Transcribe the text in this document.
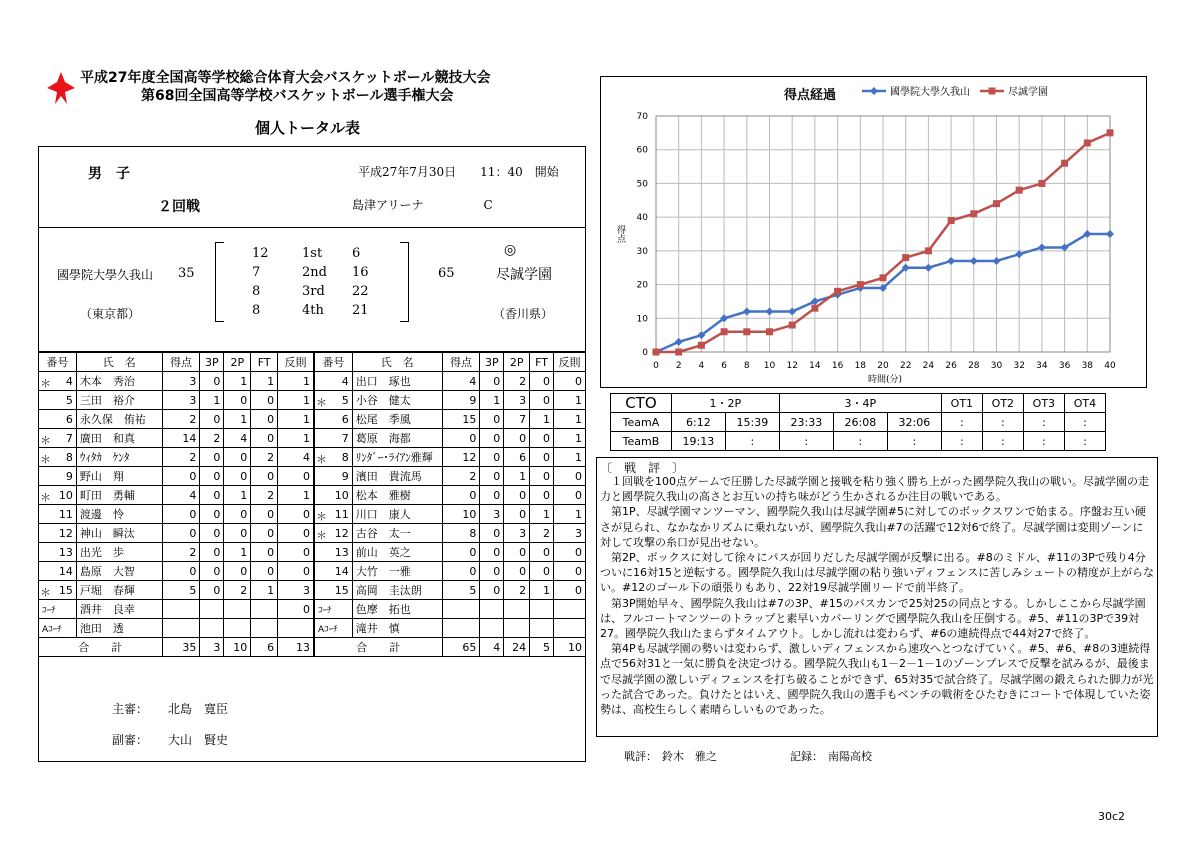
平成27年度全国高等学校総合体育大会バスケットボール競技大会
第68回全国高等学校バスケットボール選手権大会
個人トータル表
男　子	平成27年7月30日　　11：40　開始
２回戦	島津アリーナ　　　　　C
國學院大學久我山 35
（東京都）
65
◎
尽誠学園
（香川県）
12	1st 6
7	2nd 16
8	3rd 22
8	4th 21
番号	氏　名	得点	3P	2P	FT	反則

＊ 4	木本　秀治	3	0	1	1	1

5	三田　裕介	3	1	0	0	1

6	永久保　侑祐	2	0	1	0	1

＊ 7	廣田　和真	14	2	4	0	1

＊ 8	ｳｨﾀｶ　ｹﾝﾀ	2	0	0	2	4

9	野山　翔	0	0	0	0	0

＊ 10	町田　勇輔	4	0	1	2	1

11	渡邊　怜	0	0	0	0	0

12	神山　瞬汰	0	0	0	0	0

13	出光　歩	2	0	1	0	0

14	島原　大智	0	0	0	0	0

＊ 15	戸堀　春輝	5	0	2	1	3
ｺｰﾁ	酒井　良幸					0
Aｺｰﾁ	池田　透					
合　　計		35	3	10	6	13
番号	氏　名	得点	3P	2P	FT	反則

4	出口　琢也	4	0	2	0	0

＊ 5	小谷　健太	9	1	3	0	1

6	松尾　季風	15	0	7	1	1

7	葛原　海都	0	0	0	0	1

＊ 8	ﾘﾝﾀﾞｰ･ﾗｲｱﾝ雅輝	12	0	6	0	1

9	濱田　貴流馬	2	0	1	0	0

10	松本　雅樹	0	0	0	0	0

＊ 11	川口　康人	10	3	0	1	1

＊ 12	古谷　太一	8	0	3	2	3

13	前山　英之	0	0	0	0	0

14	大竹　一雅	0	0	0	0	0

15	高岡　圭汰朗	5	0	2	1	0
ｺｰﾁ	色摩　拓也					
Aｺｰﾁ	滝井　慎					
合　　計		65	4	24	5	10
主審： 北島　寛臣
副審： 大山　賢史
0
10
20
30
40
50
60
70
0 2 4 6 8 10 12 14 16 18 20 22 24 26 28 30 32 34 36 38 40
得点経過
時間(分)
得点
國學院大學久我山	尽誠学園
CTO	1・2P		3・4P			OT1	OT2	OT3	OT4
TeamA	6:12	15:39	23:33	26:08	32:06	:	:	:	:
TeamB	19:13	:	:	:	:	:	:	:	:
〔　戦　評　〕
　１回戦を100点ゲームで圧勝した尽誠学園と接戦を粘り強く勝ち上がった國學院久我山の戦い。尽誠学園の走力と國學院久我山の高さとお互いの持ち味がどう生かされるか注目の戦いである。
　第1P、尽誠学園マンツーマン、國學院久我山は尽誠学園#5に対してのボックスワンで始まる。序盤お互い硬さが見られ、なかなかリズムに乗れないが、國學院久我山#7の活躍で12対6で終了。尽誠学園は変則ゾーンに対して攻撃の糸口が見出せない。
　第2P、ボックスに対して徐々にパスが回りだした尽誠学園が反撃に出る。#8のミドル、#11の3Pで残り4分ついに16対15と逆転する。國學院久我山は尽誠学園の粘り強いディフェンスに苦しみシュートの精度が上がらない。#12のゴール下の頑張りもあり、22対19尽誠学園リードで前半終了。
　第3P開始早々、國學院久我山は#7の3P、#15のバスカンで25対25の同点とする。しかしここから尽誠学園は、フルコートマンツーのトラップと素早いカバーリングで國學院久我山を圧倒する。#5、#11の3Pで39対27。國學院久我山たまらずタイムアウト。しかし流れは変わらず、#6の連続得点で44対27で終了。
　第4Pも尽誠学園の勢いは変わらず、激しいディフェンスから速攻へとつなげていく。#5、#6、#8の3連続得点で56対31と一気に勝負を決定づける。國學院久我山も1－2－1－1のゾーンプレスで反撃を試みるが、最後まで尽誠学園の激しいディフェンスを打ち破ることができず、65対35で試合終了。尽誠学園の鍛えられた脚力が光った試合であった。負けたとはいえ、國學院久我山の選手もベンチの戦術をひたむきにコートで体現していた姿勢は、高校生らしく素晴らしいものであった。
戦評： 鈴木　雅之	記録： 南陽高校
30c2
